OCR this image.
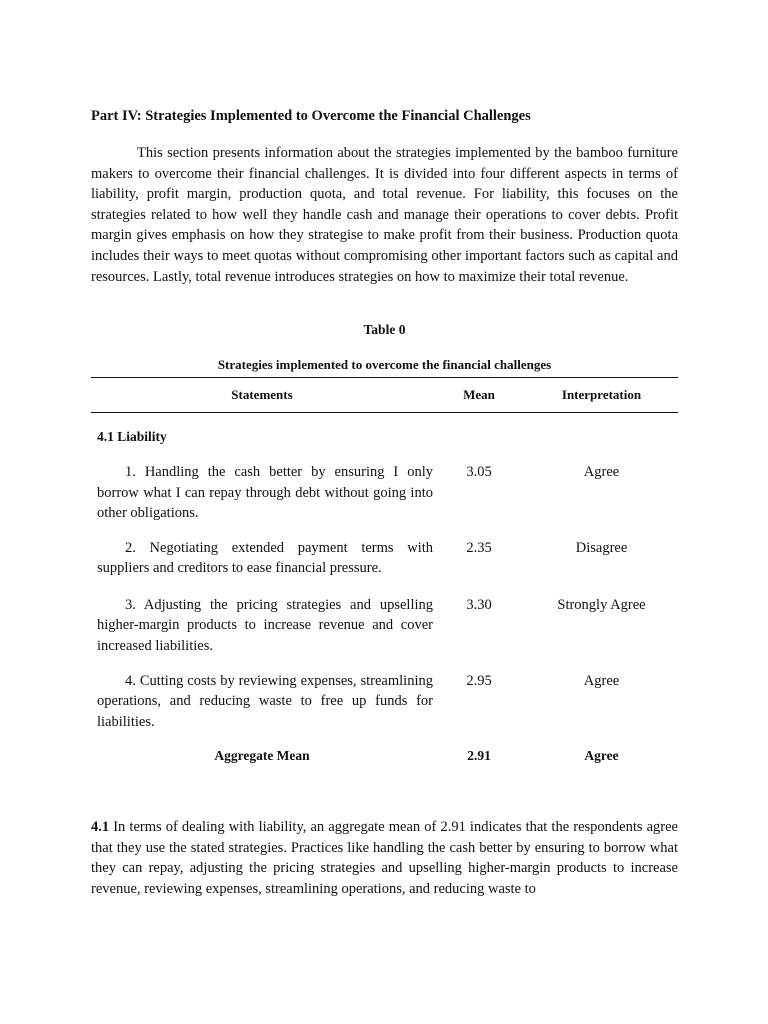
Part IV: Strategies Implemented to Overcome the Financial Challenges

This section presents information about the strategies implemented by the bamboo furniture makers to overcome their financial challenges. It is divided into four different aspects in terms of liability, profit margin, production quota, and total revenue. For liability, this focuses on the strategies related to how well they handle cash and manage their operations to cover debts. Profit margin gives emphasis on how they strategise to make profit from their business. Production quota includes their ways to meet quotas without compromising other important factors such as capital and resources. Lastly, total revenue introduces strategies on how to maximize their total revenue.

Table 0
Strategies implemented to overcome the financial challenges
Statements	Mean	Interpretation
4.1 Liability		
1. Handling the cash better by ensuring I only borrow what I can repay through debt without going into other obligations.	3.05	Agree
2. Negotiating extended payment terms with suppliers and creditors to ease financial pressure.	2.35	Disagree
3. Adjusting the pricing strategies and upselling higher-margin products to increase revenue and cover increased liabilities.	3.30	Strongly Agree
4. Cutting costs by reviewing expenses, streamlining operations, and reducing waste to free up funds for liabilities.	2.95	Agree
Aggregate Mean	2.91	Agree

4.1 In terms of dealing with liability, an aggregate mean of 2.91 indicates that the respondents agree that they use the stated strategies. Practices like handling the cash better by ensuring to borrow what they can repay, adjusting the pricing strategies and upselling higher-margin products to increase revenue, reviewing expenses, streamlining operations, and reducing waste to
